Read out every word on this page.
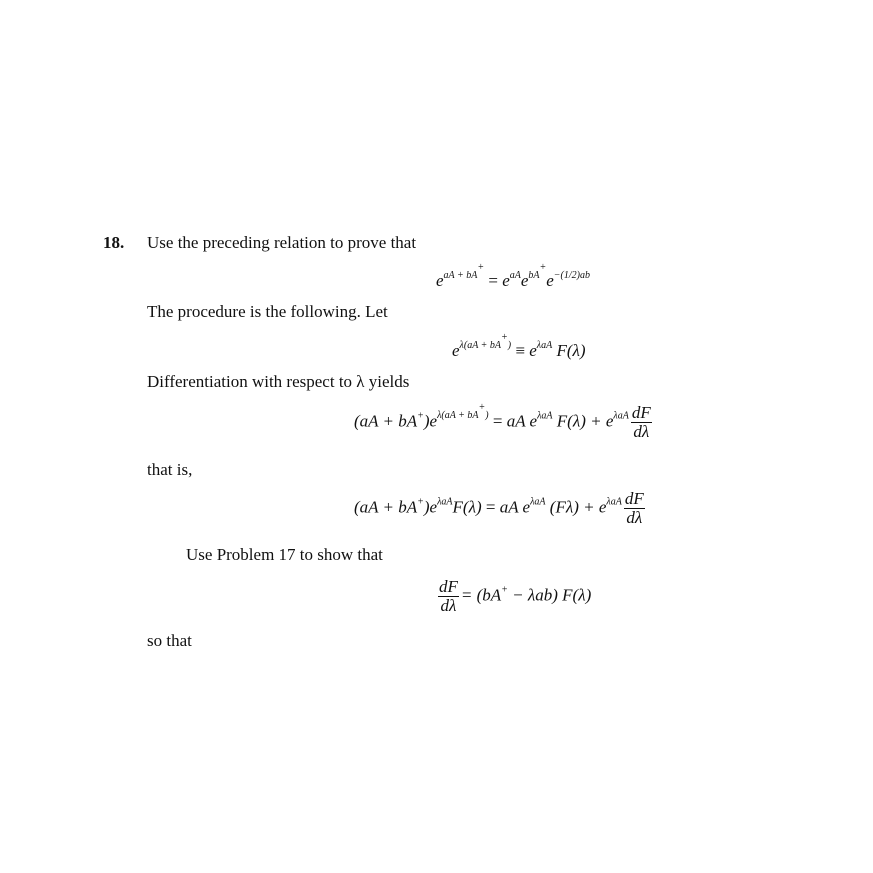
18. Use the preceding relation to prove that
$e^{aA + bA^+} = e^{aA}e^{bA^+}e^{-(1/2)ab}$
The procedure is the following. Let
$e^{\lambda(aA + bA^+)} \equiv e^{\lambda aA}$ F(λ)
Differentiation with respect to λ yields
$(aA + bA^+)e^{\lambda(aA + bA^+)}$ = aA $e^{\lambda aA}$ $F(\lambda) + e^{\lambda aA} \frac{dF}{d\lambda}$
that is,
$(aA + bA^+)e^{\lambda aA}F(\lambda)$ = aA $e^{\lambda aA}$ $(F\lambda) + e^{\lambda aA} \frac{dF}{d\lambda}$
Use Problem 17 to show that
$\frac{dF}{d\lambda} = (bA^+ - \lambda ab)$ F(λ)
so that
